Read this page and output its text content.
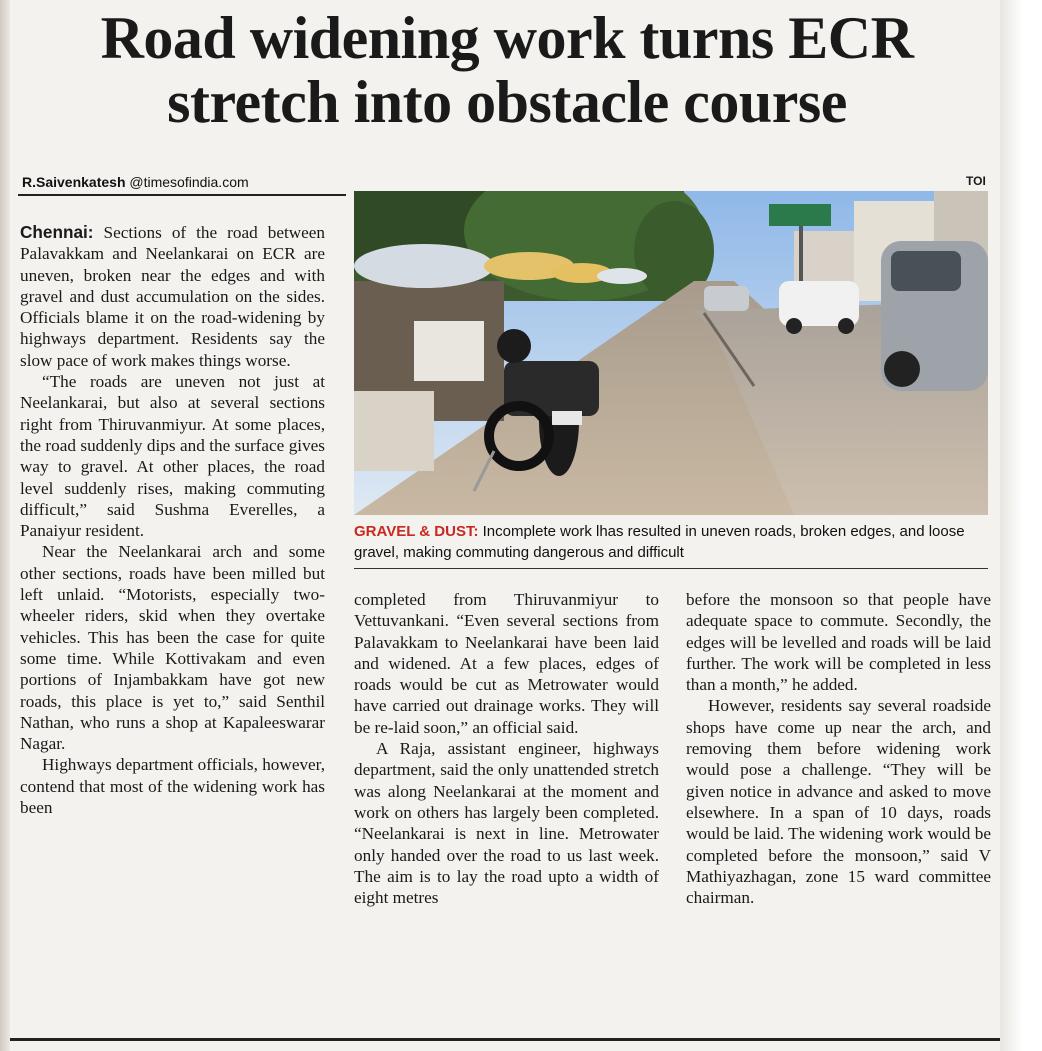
Road widening work turns ECR
stretch into obstacle course
R.Saivenkatesh @timesofindia.com	TOI
GRAVEL & DUST: Incomplete work lhas resulted in uneven roads, broken edges, and loose gravel, making commuting dangerous and difficult

Chennai: Sections of the road between Palavakkam and Neelankarai on ECR are uneven, broken near the edges and with gravel and dust accumulation on the sides. Officials blame it on the road-widening by highways department. Residents say the slow pace of work makes things worse.

“The roads are uneven not just at Neelankarai, but also at several sections right from Thiruvanmiyur. At some places, the road suddenly dips and the surface gives way to gravel. At other places, the road level suddenly rises, making commuting difficult,” said Sushma Everelles, a Panaiyur resident.

Near the Neelankarai arch and some other sections, roads have been milled but left unlaid. “Motorists, especially two-wheeler riders, skid when they overtake vehicles. This has been the case for quite some time. While Kottivakam and even portions of Injambakkam have got new roads, this place is yet to,” said Senthil Nathan, who runs a shop at Kapaleeswarar Nagar.

Highways department officials, however, contend that most of the widening work has been

completed from Thiruvanmiyur to Vettuvankani. “Even several sections from Palavakkam to Neelankarai have been laid and widened. At a few places, edges of roads would be cut as Metrowater would have carried out drainage works. They will be re-laid soon,” an official said.

A Raja, assistant engineer, highways department, said the only unattended stretch was along Neelankarai at the moment and work on others has largely been completed. “Neelankarai is next in line. Metrowater only handed over the road to us last week. The aim is to lay the road upto a width of eight metres

before the monsoon so that people have adequate space to commute. Secondly, the edges will be levelled and roads will be laid further. The work will be completed in less than a month,” he added.

However, residents say several roadside shops have come up near the arch, and removing them before widening work would pose a challenge. “They will be given notice in advance and asked to move elsewhere. In a span of 10 days, roads would be laid. The widening work would be completed before the monsoon,” said V Mathiyazhagan, zone 15 ward committee chairman.
